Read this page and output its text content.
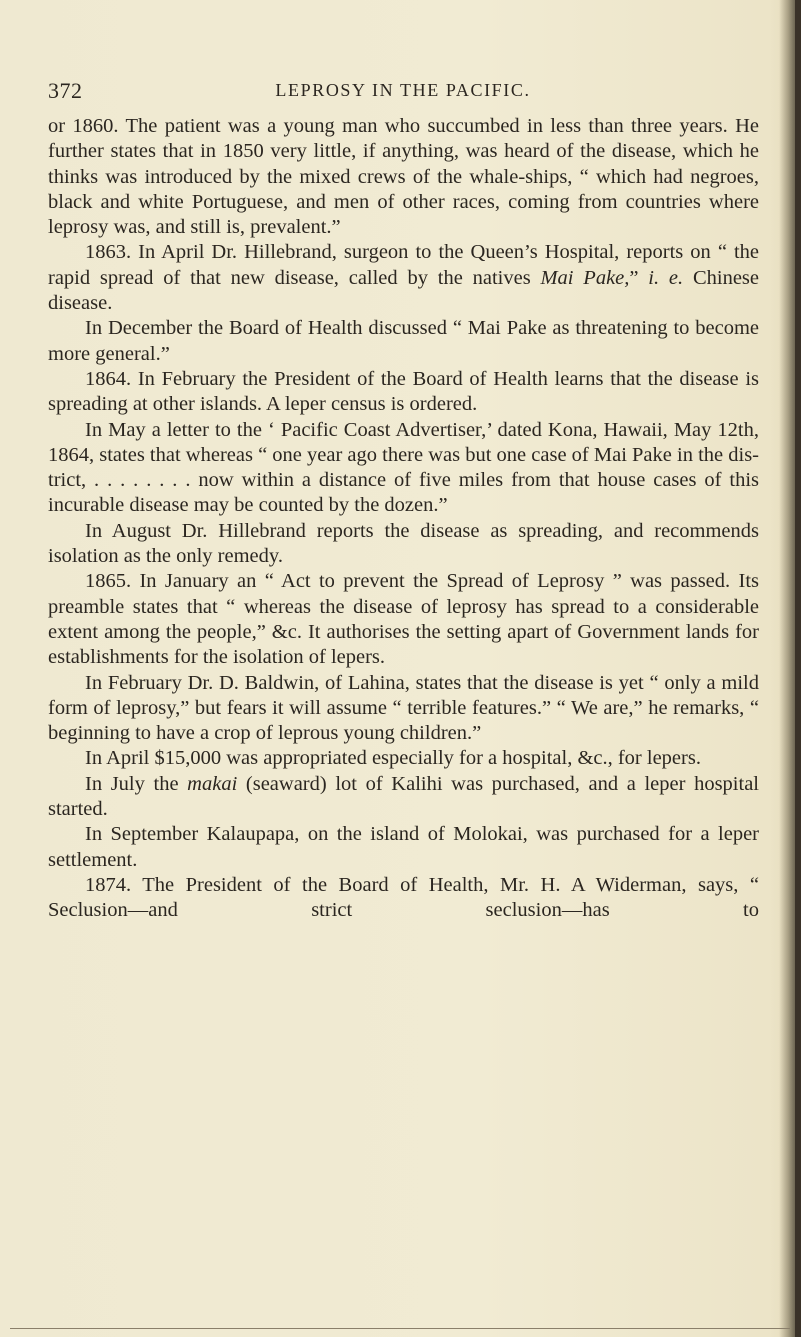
372	LEPROSY IN THE PACIFIC.

or 1860. The patient was a young man who succumbed in less than three years. He further states that in 1850 very little, if anything, was heard of the disease, which he thinks was introduced by the mixed crews of the whale-ships, “ which had negroes, black and white Portuguese, and men of other races, coming from countries where leprosy was, and still is, prevalent.”

1863. In April Dr. Hillebrand, surgeon to the Queen’s Hospital, reports on “ the rapid spread of that new disease, called by the natives Mai Pake,” i. e. Chinese disease.

In December the Board of Health discussed “ Mai Pake as threatening to become more general.”

1864. In February the President of the Board of Health learns that the disease is spreading at other islands. A leper census is ordered.

In May a letter to the ‘ Pacific Coast Advertiser,’ dated Kona, Hawaii, May 12th, 1864, states that whereas “ one year ago there was but one case of Mai Pake in the district, . . . . . . . . now within a distance of five miles from that house cases of this incurable disease may be counted by the dozen.”

In August Dr. Hillebrand reports the disease as spreading, and recommends isolation as the only remedy.

1865. In January an “ Act to prevent the Spread of Leprosy ” was passed. Its preamble states that “ whereas the disease of leprosy has spread to a considerable extent among the people,” &c. It authorises the setting apart of Government lands for establishments for the isolation of lepers.

In February Dr. D. Baldwin, of Lahina, states that the disease is yet “ only a mild form of leprosy,” but fears it will assume “ terrible features.” “ We are,” he remarks, “ beginning to have a crop of leprous young children.”

In April $15,000 was appropriated especially for a hospital, &c., for lepers.

In July the makai (seaward) lot of Kalihi was purchased, and a leper hospital started.

In September Kalaupapa, on the island of Molokai, was purchased for a leper settlement.

1874. The President of the Board of Health, Mr. H. A Widerman, says, “ Seclusion—and strict seclusion—has to
